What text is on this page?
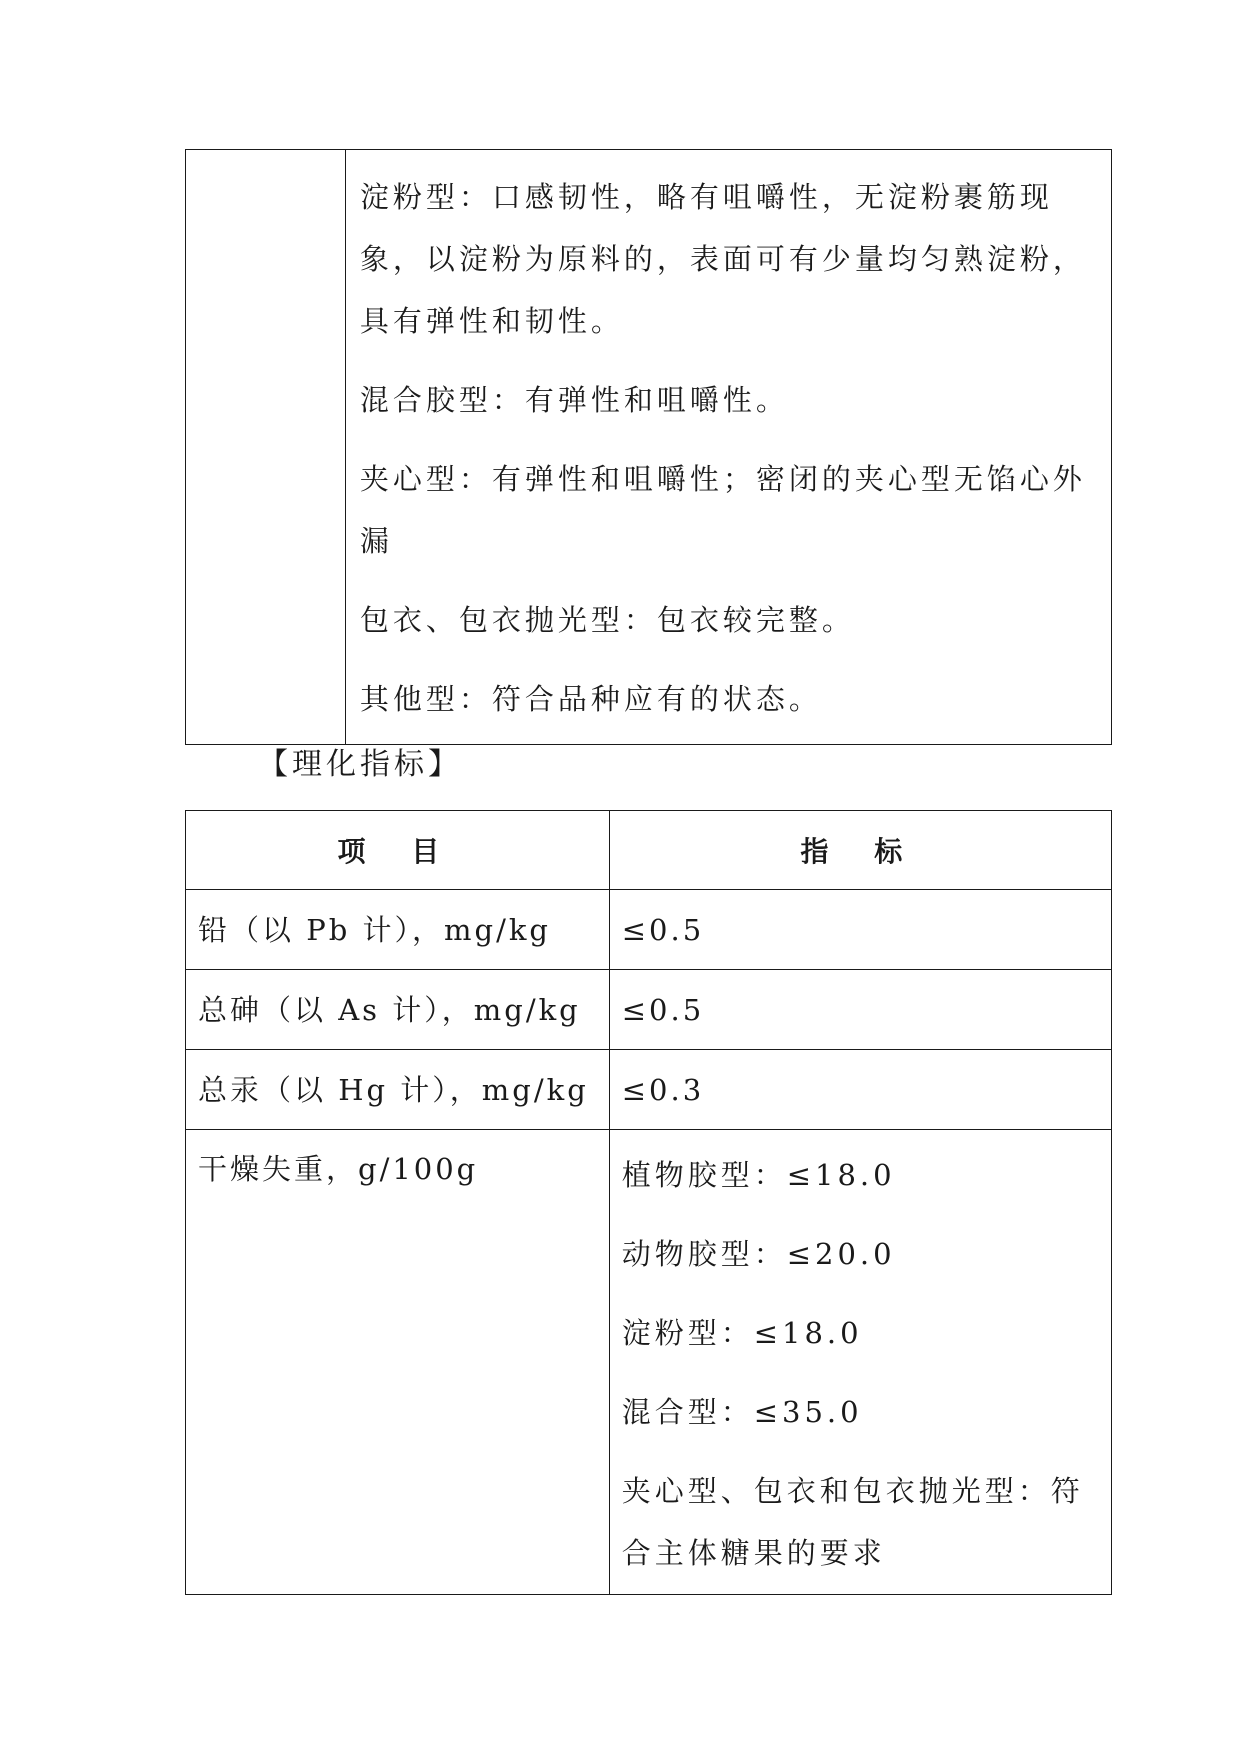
淀粉型：口感韧性，略有咀嚼性，无淀粉裹筋现象，以淀粉为原料的，表面可有少量均匀熟淀粉，具有弹性和韧性。

混合胶型：有弹性和咀嚼性。

夹心型：有弹性和咀嚼性；密闭的夹心型无馅心外漏

包衣、包衣抛光型：包衣较完整。

其他型：符合品种应有的状态。

【理化指标】

项 目	指 标
铅（以 Pb 计），mg/kg	≤0.5
总砷（以 As 计），mg/kg	≤0.5
总汞（以 Hg 计），mg/kg	≤0.3
干燥失重，g/100g	植物胶型：≤18.0

动物胶型：≤20.0

淀粉型：≤18.0

混合型：≤35.0

夹心型、包衣和包衣抛光型：符合主体糖果的要求
